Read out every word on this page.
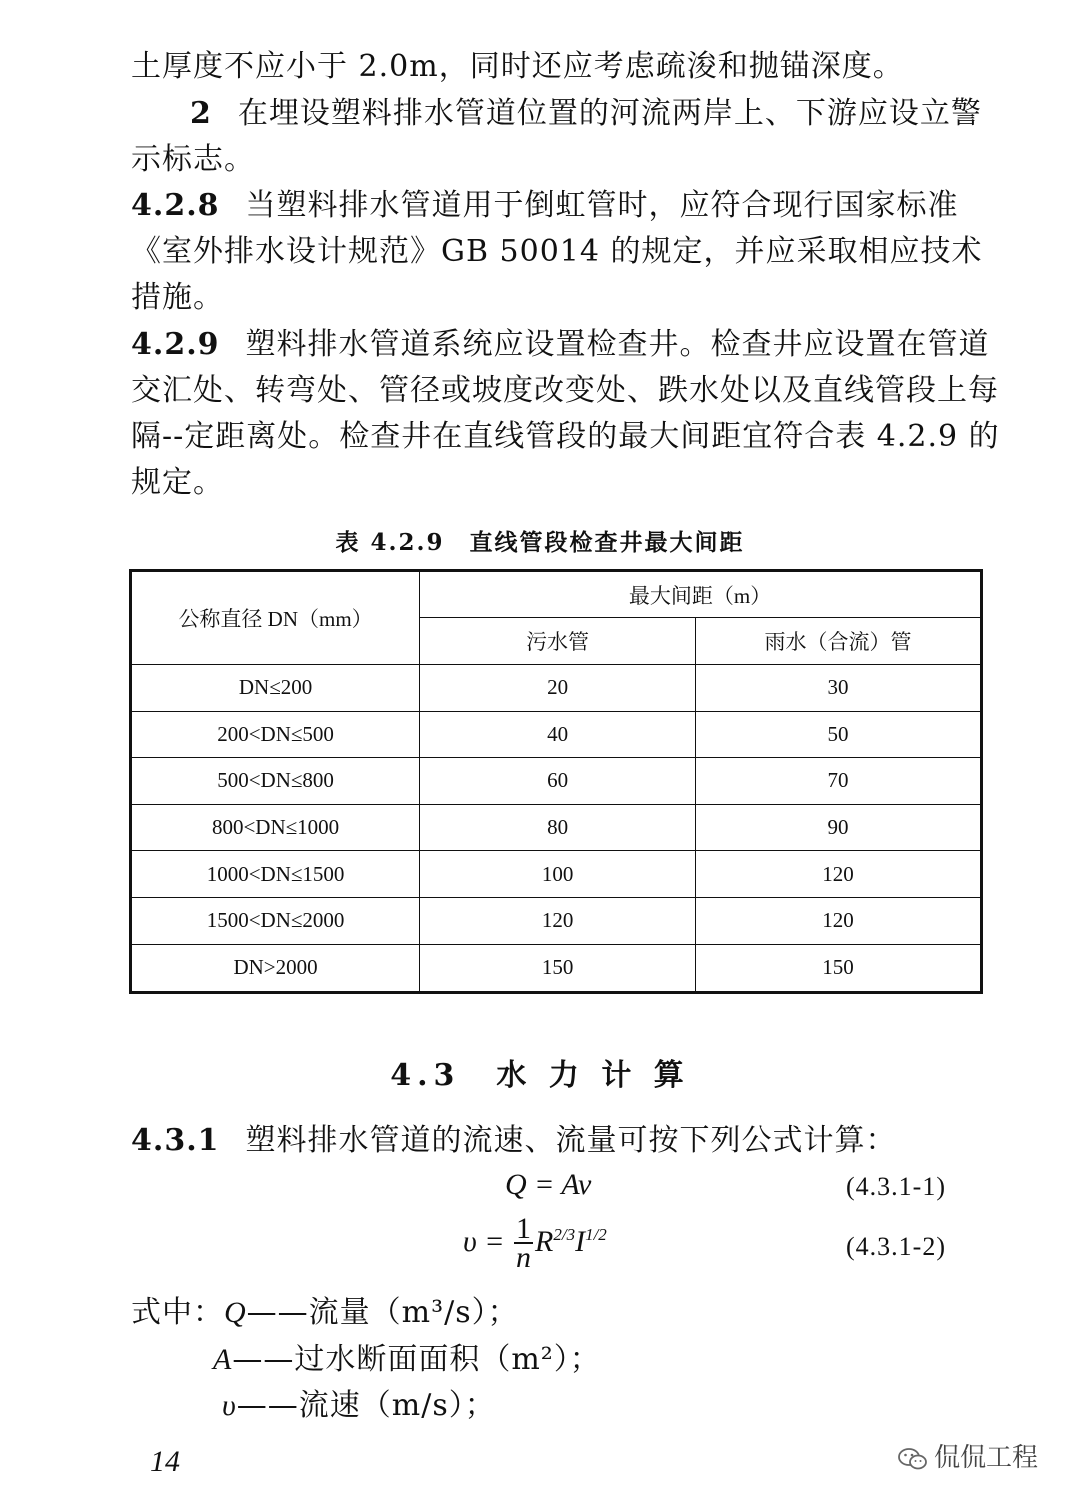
土厚度不应小于 2.0m，同时还应考虑疏浚和抛锚深度。
2 在埋设塑料排水管道位置的河流两岸上、下游应设立警
示标志。
4.2.8 当塑料排水管道用于倒虹管时，应符合现行国家标准
《室外排水设计规范》GB 50014 的规定，并应采取相应技术
措施。
4.2.9 塑料排水管道系统应设置检查井。检查井应设置在管道
交汇处、转弯处、管径或坡度改变处、跌水处以及直线管段上每
隔--定距离处。检查井在直线管段的最大间距宜符合表 4.2.9 的
规定。
表 4.2.9　直线管段检查井最大间距
公称直径 DN（mm）	最大间距（m）	
	污水管	雨水（合流）管
DN≤200	20	30
200<DN≤500	40	50
500<DN≤800	60	70
800<DN≤1000	80	90
1000<DN≤1500	100	120
1500<DN≤2000	120	120
DN>2000	150	150
4.3　水 力 计 算
4.3.1 塑料排水管道的流速、流量可按下列公式计算：
Q = Av	(4.3.1-1)
$\upsilon = \frac{1}{n} R^{2/3}I^{1/2}$	(4.3.1-2)
式中：Q——流量（m³/s）；
A——过水断面面积（m²）；
υ——流速（m/s）；
14	侃侃工程
